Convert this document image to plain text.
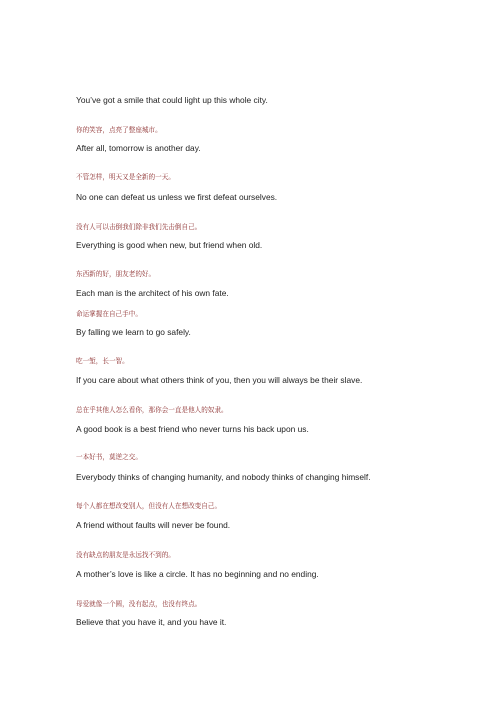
You’ve got a smile that could light up this whole city.
你的笑容，点亮了整座城市。
After all, tomorrow is another day.
不管怎样，明天又是全新的一天。
No one can defeat us unless we first defeat ourselves.
没有人可以击倒我们除非我们先击倒自己。
Everything is good when new, but friend when old.
东西新的好，朋友老的好。
Each man is the architect of his own fate.
命运掌握在自己手中。
By falling we learn to go safely.
吃一堑，长一智。
If you care about what others think of you, then you will always be their slave.
总在乎其他人怎么看你，那你会一直是他人的奴隶。
A good book is a best friend who never turns his back upon us.
一本好书，莫逆之交。
Everybody thinks of changing humanity, and nobody thinks of changing himself.
每个人都在想改变别人，但没有人在想改变自己。
A friend without faults will never be found.
没有缺点的朋友是永远找不到的。
A mother’s love is like a circle. It has no beginning and no ending.
母爱就像一个圆，没有起点，也没有终点。
Believe that you have it, and you have it.
